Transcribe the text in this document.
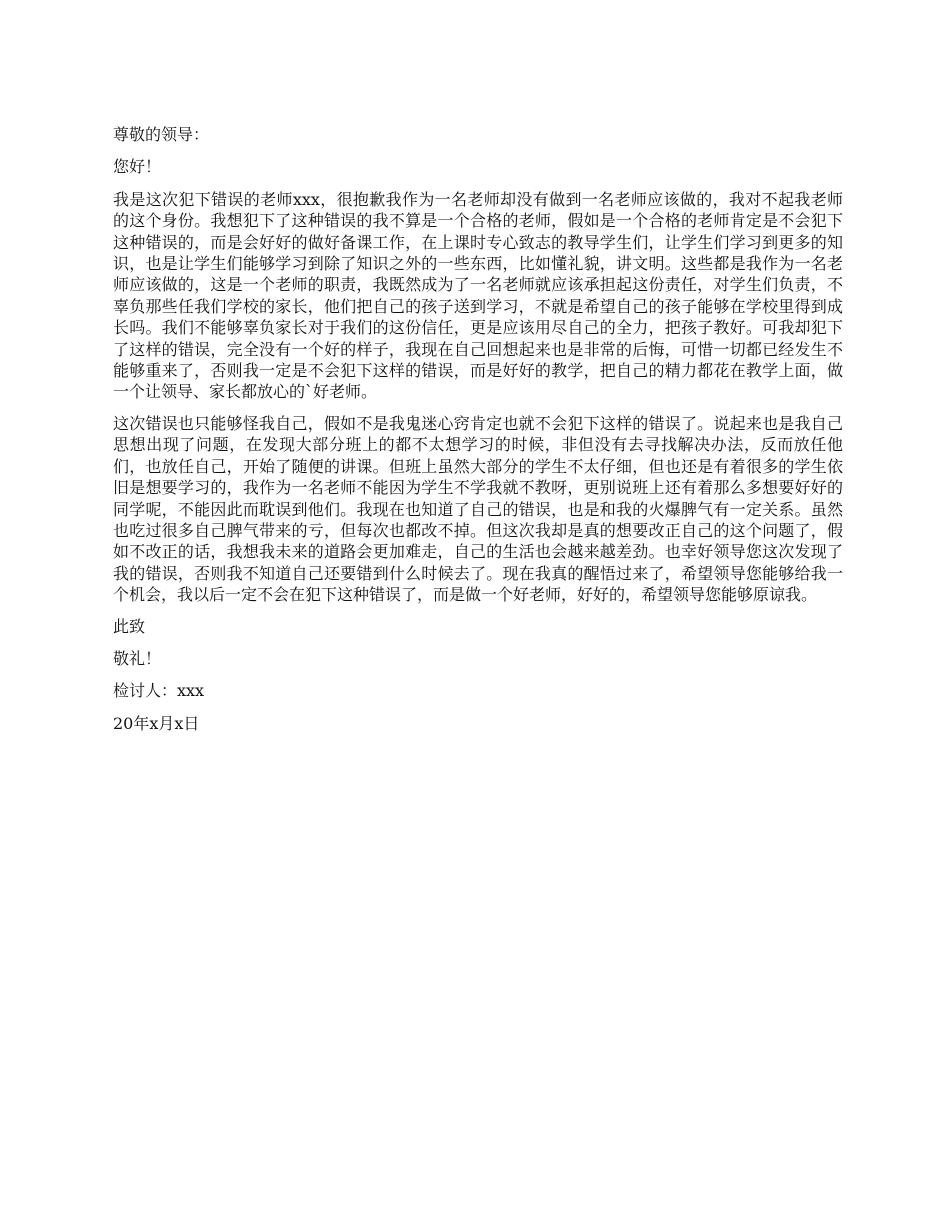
尊敬的领导：

您好！

我是这次犯下错误的老师xxx，很抱歉我作为一名老师却没有做到一名老师应该做的，我对不起我老师的这个身份。我想犯下了这种错误的我不算是一个合格的老师，假如是一个合格的老师肯定是不会犯下这种错误的，而是会好好的做好备课工作，在上课时专心致志的教导学生们，让学生们学习到更多的知识，也是让学生们能够学习到除了知识之外的一些东西，比如懂礼貌，讲文明。这些都是我作为一名老师应该做的，这是一个老师的职责，我既然成为了一名老师就应该承担起这份责任，对学生们负责，不辜负那些任我们学校的家长，他们把自己的孩子送到学习，不就是希望自己的孩子能够在学校里得到成长吗。我们不能够辜负家长对于我们的这份信任，更是应该用尽自己的全力，把孩子教好。可我却犯下了这样的错误，完全没有一个好的样子，我现在自己回想起来也是非常的后悔，可惜一切都已经发生不能够重来了，否则我一定是不会犯下这样的错误，而是好好的教学，把自己的精力都花在教学上面，做一个让领导、家长都放心的`好老师。

这次错误也只能够怪我自己，假如不是我鬼迷心窍肯定也就不会犯下这样的错误了。说起来也是我自己思想出现了问题，在发现大部分班上的都不太想学习的时候，非但没有去寻找解决办法，反而放任他们，也放任自己，开始了随便的讲课。但班上虽然大部分的学生不太仔细，但也还是有着很多的学生依旧是想要学习的，我作为一名老师不能因为学生不学我就不教呀，更别说班上还有着那么多想要好好的同学呢，不能因此而耽误到他们。我现在也知道了自己的错误，也是和我的火爆脾气有一定关系。虽然也吃过很多自己脾气带来的亏，但每次也都改不掉。但这次我却是真的想要改正自己的这个问题了，假如不改正的话，我想我未来的道路会更加难走，自己的生活也会越来越差劲。也幸好领导您这次发现了我的错误，否则我不知道自己还要错到什么时候去了。现在我真的醒悟过来了，希望领导您能够给我一个机会，我以后一定不会在犯下这种错误了，而是做一个好老师，好好的，希望领导您能够原谅我。

此致

敬礼！

检讨人：xxx

20年x月x日
